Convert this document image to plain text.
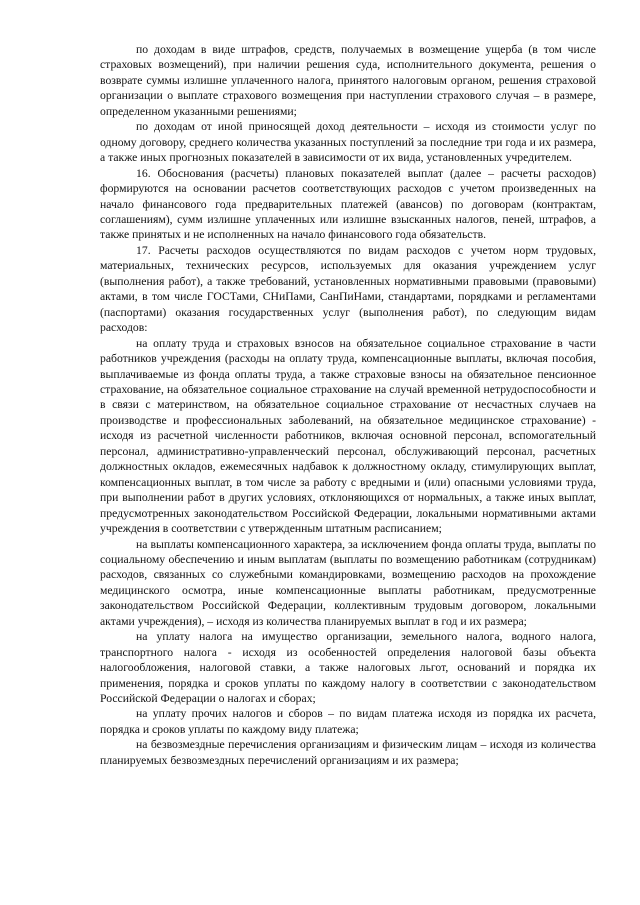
по доходам в виде штрафов, средств, получаемых в возмещение ущерба (в том числе страховых возмещений), при наличии решения суда, исполнительного документа, решения о возврате суммы излишне уплаченного налога, принятого налоговым органом, решения страховой организации о выплате страхового возмещения при наступлении страхового случая – в размере, определенном указанными решениями;

по доходам от иной приносящей доход деятельности – исходя из стоимости услуг по одному договору, среднего количества указанных поступлений за последние три года и их размера, а также иных прогнозных показателей в зависимости от их вида, установленных учредителем.

16. Обоснования (расчеты) плановых показателей выплат (далее – расчеты расходов) формируются на основании расчетов соответствующих расходов с учетом произведенных на начало финансового года предварительных платежей (авансов) по договорам (контрактам, соглашениям), сумм излишне уплаченных или излишне взысканных налогов, пеней, штрафов, а также принятых и не исполненных на начало финансового года обязательств.

17. Расчеты расходов осуществляются по видам расходов с учетом норм трудовых, материальных, технических ресурсов, используемых для оказания учреждением услуг (выполнения работ), а также требований, установленных нормативными правовыми (правовыми) актами, в том числе ГОСТами, СНиПами, СанПиНами, стандартами, порядками и регламентами (паспортами) оказания государственных услуг (выполнения работ), по следующим видам расходов:

на оплату труда и страховых взносов на обязательное социальное страхование в части работников учреждения (расходы на оплату труда, компенсационные выплаты, включая пособия, выплачиваемые из фонда оплаты труда, а также страховые взносы на обязательное пенсионное страхование, на обязательное социальное страхование на случай временной нетрудоспособности и в связи с материнством, на обязательное социальное страхование от несчастных случаев на производстве и профессиональных заболеваний, на обязательное медицинское страхование) - исходя из расчетной численности работников, включая основной персонал, вспомогательный персонал, административно-управленческий персонал, обслуживающий персонал, расчетных должностных окладов, ежемесячных надбавок к должностному окладу, стимулирующих выплат, компенсационных выплат, в том числе за работу с вредными и (или) опасными условиями труда, при выполнении работ в других условиях, отклоняющихся от нормальных, а также иных выплат, предусмотренных законодательством Российской Федерации, локальными нормативными актами учреждения в соответствии с утвержденным штатным расписанием;

на выплаты компенсационного характера, за исключением фонда оплаты труда, выплаты по социальному обеспечению и иным выплатам (выплаты по возмещению работникам (сотрудникам) расходов, связанных со служебными командировками, возмещению расходов на прохождение медицинского осмотра, иные компенсационные выплаты работникам, предусмотренные законодательством Российской Федерации, коллективным трудовым договором, локальными актами учреждения), – исходя из количества планируемых выплат в год и их размера;

на уплату налога на имущество организации, земельного налога, водного налога, транспортного налога - исходя из особенностей определения налоговой базы объекта налогообложения, налоговой ставки, а также налоговых льгот, оснований и порядка их применения, порядка и сроков уплаты по каждому налогу в соответствии с законодательством Российской Федерации о налогах и сборах;

на уплату прочих налогов и сборов – по видам платежа исходя из порядка их расчета, порядка и сроков уплаты по каждому виду платежа;

на безвозмездные перечисления организациям и физическим лицам – исходя из количества планируемых безвозмездных перечислений организациям и их размера;
